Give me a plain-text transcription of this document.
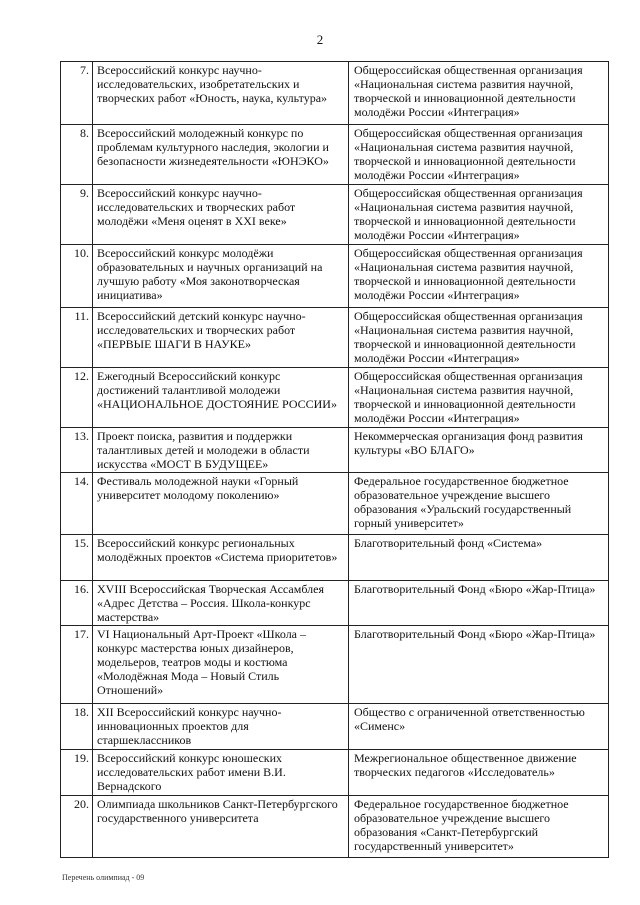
2
7.	Всероссийский конкурс научно-исследовательских, изобретательских и творческих работ «Юность, наука, культура»	Общероссийская общественная организация «Национальная система развития научной, творческой и инновационной деятельности молодёжи России «Интеграция»
8.	Всероссийский молодежный конкурс по проблемам культурного наследия, экологии и безопасности жизнедеятельности «ЮНЭКО»	Общероссийская общественная организация «Национальная система развития научной, творческой и инновационной деятельности молодёжи России «Интеграция»
9.	Всероссийский конкурс научно-исследовательских и творческих работ молодёжи «Меня оценят в XXI веке»	Общероссийская общественная организация «Национальная система развития научной, творческой и инновационной деятельности молодёжи России «Интеграция»
10.	Всероссийский конкурс молодёжи образовательных и научных организаций на лучшую работу «Моя законотворческая инициатива»	Общероссийская общественная организация «Национальная система развития научной, творческой и инновационной деятельности молодёжи России «Интеграция»
11.	Всероссийский детский конкурс научно-исследовательских и творческих работ «ПЕРВЫЕ ШАГИ В НАУКЕ»	Общероссийская общественная организация «Национальная система развития научной, творческой и инновационной деятельности молодёжи России «Интеграция»
12.	Ежегодный Всероссийский конкурс достижений талантливой молодежи «НАЦИОНАЛЬНОЕ ДОСТОЯНИЕ РОССИИ»	Общероссийская общественная организация «Национальная система развития научной, творческой и инновационной деятельности молодёжи России «Интеграция»
13.	Проект поиска, развития и поддержки талантливых детей и молодежи в области искусства «МОСТ В БУДУЩЕЕ»	Некоммерческая организация фонд развития культуры «ВО БЛАГО»
14.	Фестиваль молодежной науки «Горный университет молодому поколению»	Федеральное государственное бюджетное образовательное учреждение высшего образования «Уральский государственный горный университет»
15.	Всероссийский конкурс региональных молодёжных проектов «Система приоритетов»	Благотворительный фонд «Система»
16.	XVIII Всероссийская Творческая Ассамблея «Адрес Детства – Россия. Школа-конкурс мастерства»	Благотворительный Фонд «Бюро «Жар-Птица»
17.	VI Национальный Арт-Проект «Школа – конкурс мастерства юных дизайнеров, модельеров, театров моды и костюма «Молодёжная Мода – Новый Стиль Отношений»	Благотворительный Фонд «Бюро «Жар-Птица»
18.	XII Всероссийский конкурс научно-инновационных проектов для старшеклассников	Общество с ограниченной ответственностью «Сименс»
19.	Всероссийский конкурс юношеских исследовательских работ имени В.И. Вернадского	Межрегиональное общественное движение творческих педагогов «Исследователь»
20.	Олимпиада школьников Санкт-Петербургского государственного университета	Федеральное государственное бюджетное образовательное учреждение высшего образования «Санкт-Петербургский государственный университет»
Перечень олимпиад - 09
